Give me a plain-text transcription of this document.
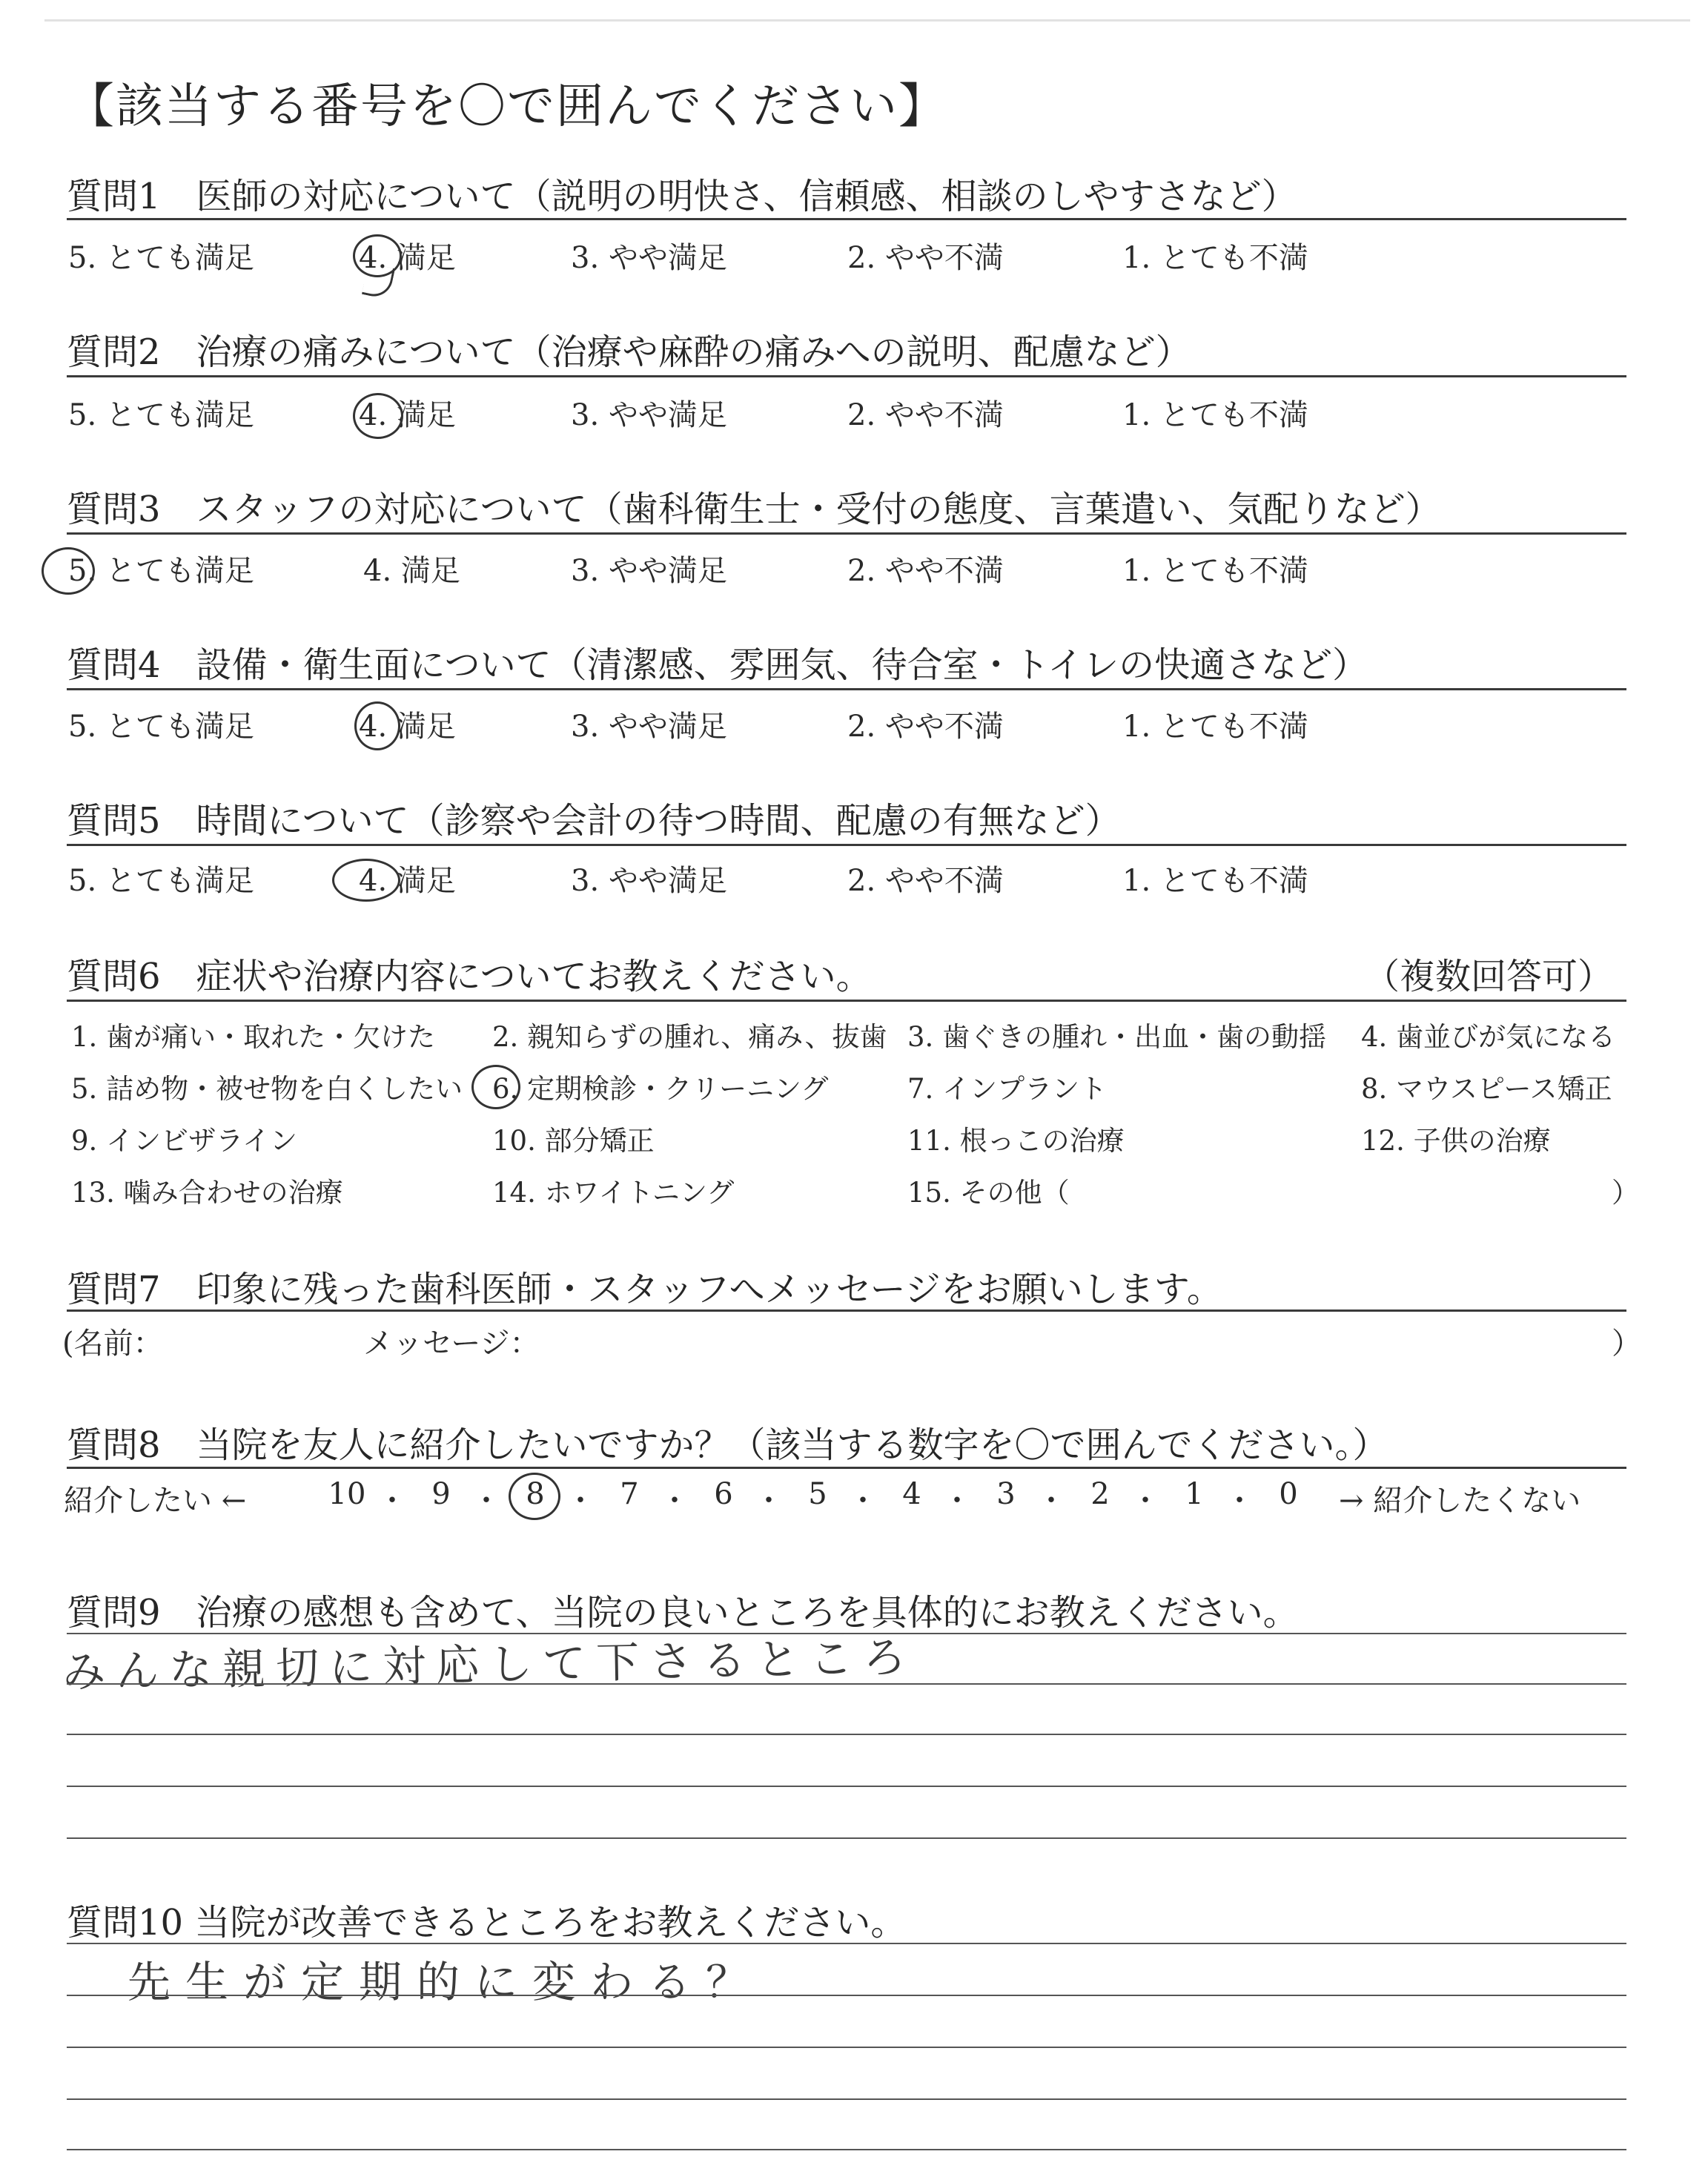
【該当する番号を〇で囲んでください】
質問1　医師の対応について（説明の明快さ、信頼感、相談のしやすさなど）
5. とても満足	4. 満足	3. やや満足	2. やや不満	1. とても不満
質問2　治療の痛みについて（治療や麻酔の痛みへの説明、配慮など）
5. とても満足	4. 満足	3. やや満足	2. やや不満	1. とても不満
質問3　スタッフの対応について（歯科衛生士・受付の態度、言葉遣い、気配りなど）
5. とても満足	4. 満足	3. やや満足	2. やや不満	1. とても不満
質問4　設備・衛生面について（清潔感、雰囲気、待合室・トイレの快適さなど）
5. とても満足	4. 満足	3. やや満足	2. やや不満	1. とても不満
質問5　時間について（診察や会計の待つ時間、配慮の有無など）
5. とても満足	4. 満足	3. やや満足	2. やや不満	1. とても不満
質問6　症状や治療内容についてお教えください。	（複数回答可）
1. 歯が痛い・取れた・欠けた 2. 親知らずの腫れ、痛み、抜歯 3. 歯ぐきの腫れ・出血・歯の動揺 4. 歯並びが気になる
5. 詰め物・被せ物を白くしたい 6. 定期検診・クリーニング	7. インプラント	8. マウスピース矯正
9. インビザライン	10. 部分矯正	11. 根っこの治療	12. 子供の治療
13. 噛み合わせの治療	14. ホワイトニング	15. その他（	）
質問7　印象に残った歯科医師・スタッフへメッセージをお願いします。
(名前：	メッセージ：	）
質問8　当院を友人に紹介したいですか？（該当する数字を〇で囲んでください。）
紹介したい ←	→ 紹介したくない
10 ・ 9 ・ 8 ・ 7 ・ 6 ・ 5 ・ 4 ・ 3 ・ 2 ・ 1 ・ 0
質問9　治療の感想も含めて、当院の良いところを具体的にお教えください。
みんな親切に対応して下さるところ
質問10 当院が改善できるところをお教えください。
先生が定期的に変わる？
